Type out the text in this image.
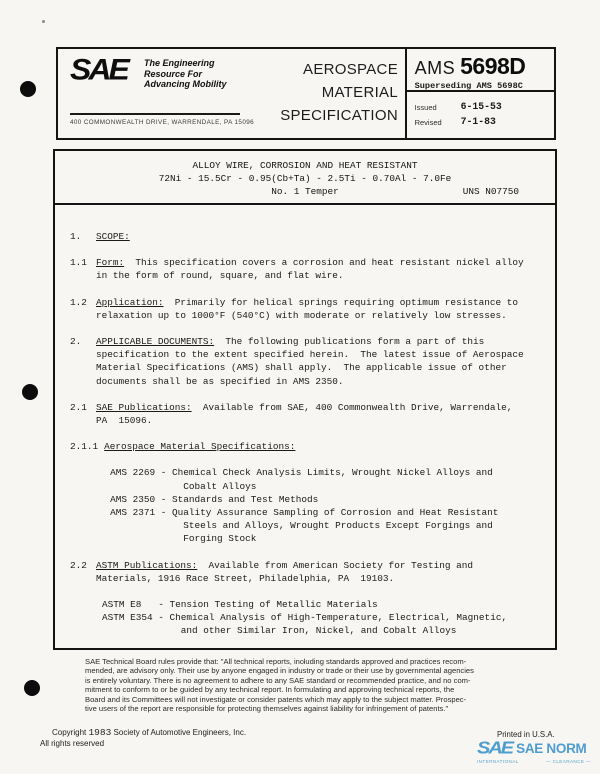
SAE The Engineering
Resource For
Advancing Mobility
400 COMMONWEALTH DRIVE, WARRENDALE, PA 15096
AEROSPACE
MATERIAL
SPECIFICATION
AMS 5698D
Superseding AMS 5698C
Issued	6-15-53
Revised	7-1-83
ALLOY WIRE, CORROSION AND HEAT RESISTANT
72Ni - 15.5Cr - 0.95(Cb+Ta) - 2.5Ti - 0.70Al - 7.0Fe
No. 1 Temper	UNS N07750
1.	SCOPE:
1.1 Form:  This specification covers a corrosion and heat resistant nickel alloy
in the form of round, square, and flat wire.
1.2 Application:  Primarily for helical springs requiring optimum resistance to
relaxation up to 1000°F (540°C) with moderate or relatively low stresses.
2.	APPLICABLE DOCUMENTS:  The following publications form a part of this
specification to the extent specified herein.  The latest issue of Aerospace
Material Specifications (AMS) shall apply.  The applicable issue of other
documents shall be as specified in AMS 2350.
2.1 SAE Publications:  Available from SAE, 400 Commonwealth Drive, Warrendale,
PA  15096.
2.1.1 Aerospace Material Specifications:
AMS 2269 - Chemical Check Analysis Limits, Wrought Nickel Alloys and
Cobalt Alloys
AMS 2350 - Standards and Test Methods
AMS 2371 - Quality Assurance Sampling of Corrosion and Heat Resistant
Steels and Alloys, Wrought Products Except Forgings and
Forging Stock
2.2 ASTM Publications:  Available from American Society for Testing and
Materials, 1916 Race Street, Philadelphia, PA  19103.
ASTM E8   - Tension Testing of Metallic Materials
ASTM E354 - Chemical Analysis of High-Temperature, Electrical, Magnetic,
and other Similar Iron, Nickel, and Cobalt Alloys
SAE Technical Board rules provide that: "All technical reports, including standards approved and practices recom-
mended, are advisory only. Their use by anyone engaged in industry or trade or their use by governmental agencies
is entirely voluntary. There is no agreement to adhere to any SAE standard or recommended practice, and no com-
mitment to conform to or be guided by any technical report. In formulating and approving technical reports, the
Board and its Committees will not investigate or consider patents which may apply to the subject matter. Prospec-
tive users of the report are responsible for protecting themselves against liability for infringement of patents."
Copyright 1983 Society of Automotive Engineers, Inc.
All rights reserved
Printed in U.S.A.
SAE SAE NORM
INTERNATIONAL	— CLEARANCE —
